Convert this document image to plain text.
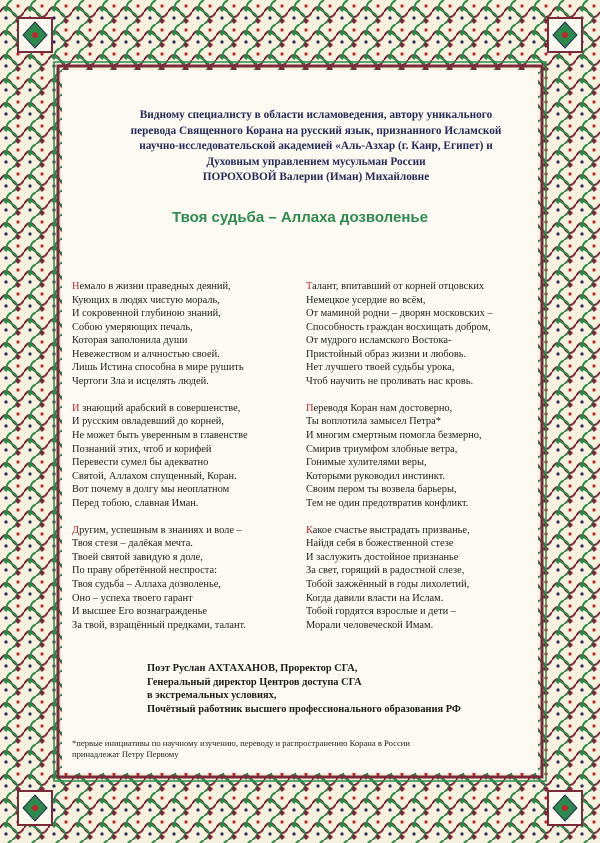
Видному специалисту в области исламоведения, автору уникального
перевода Священного Корана на русский язык, признанного Исламской
научно-исследовательской академией «Аль-Азхар (г. Каир, Египет) и
Духовным управлением мусульман России
ПОРОХОВОЙ Валерии (Иман) Михайловне
Твоя судьба – Аллаха дозволенье
Немало в жизни праведных деяний,
Кующих в людях чистую мораль,
И сокровенной глубиною знаний,
Собою умеряющих печаль,
Которая заполонила души
Невежеством и алчностью своей.
Лишь Истина способна в мире рушить
Чертоги Зла и исцелять людей.
И знающий арабский в совершенстве,
И русским овладевший до корней,
Не может быть уверенным в главенстве
Познаний этих, чтоб и корифей
Перевести сумел бы адекватно
Святой, Аллахом спущенный, Коран.
Вот почему в долгу мы неоплатном
Перед тобою, славная Иман.
Другим, успешным в знаниях и воле –
Твоя стезя – далёкая мечта.
Твоей святой завидую я доле,
По праву обретённой неспроста:
Твоя судьба – Аллаха дозволенье,
Оно – успеха твоего гарант
И высшее Его вознагражденье
За твой, взращённый предками, талант.
Талант, впитавший от корней отцовских
Немецкое усердие во всём,
От маминой родни – дворян московских –
Способность граждан восхищать добром,
От мудрого исламского Востока-
Пристойный образ жизни и любовь.
Нет лучшего твоей судьбы урока,
Чтоб научить не проливать нас кровь.
Переводя Коран нам достоверно,
Ты воплотила замысел Петра*
И многим смертным помогла безмерно,
Смирив триумфом злобные ветра,
Гонимые хулителями веры,
Которыми руководил инстинкт.
Своим пером ты возвела барьеры,
Тем не один предотвратив конфликт.
Какое счастье выстрадать призванье,
Найдя себя в божественной стезе
И заслужить достойное признанье
За свет, горящий в радостной слезе,
Тобой зажжённый в годы лихолетий,
Когда давили власти на Ислам.
Тобой гордятся взрослые и дети –
Морали человеческой Имам.
Поэт Руслан АХТАХАНОВ, Проректор СГА,
Генеральный директор Центров доступа СГА
в экстремальных условиях,
Почётный работник высшего профессионального образования РФ
*первые инициативы по научному изучению, переводу и распространению Корана в России
принадлежат Петру Первому
